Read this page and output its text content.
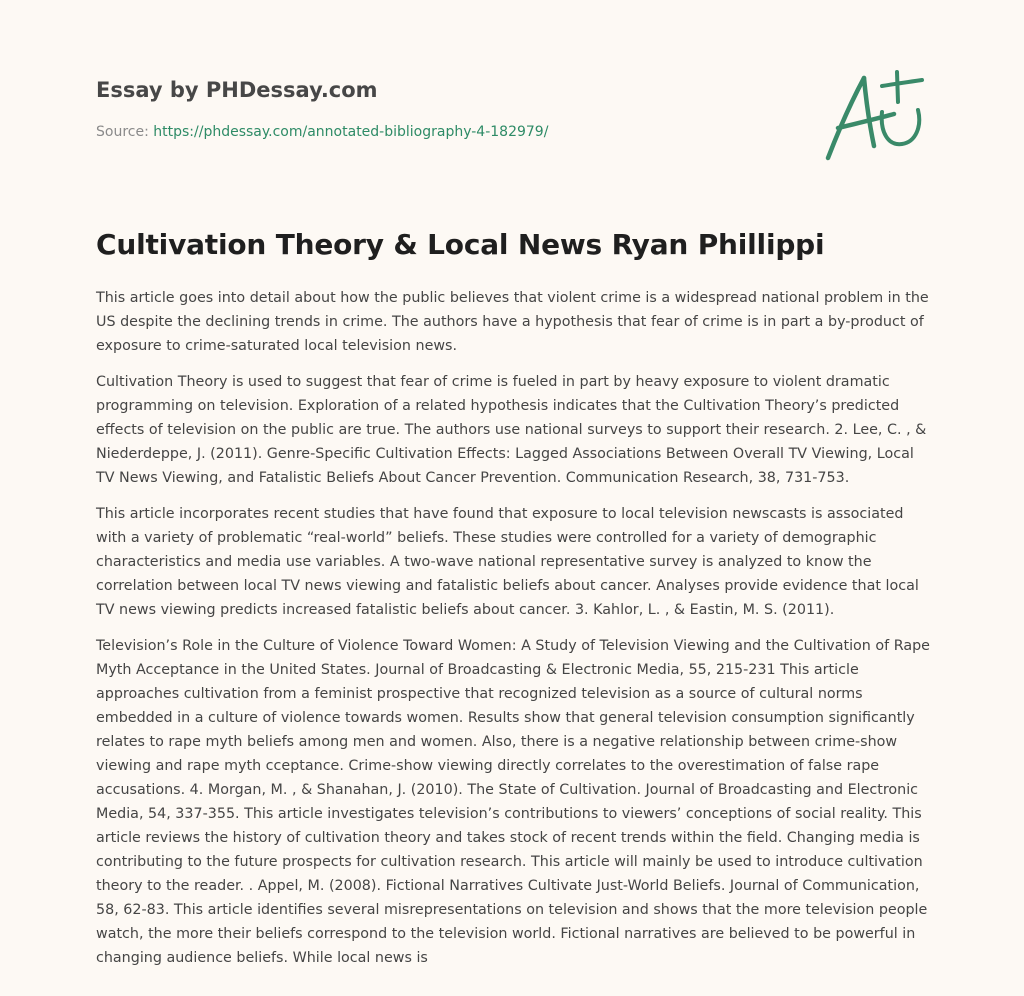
Essay by PHDessay.com
Source: https://phdessay.com/annotated-bibliography-4-182979/
Cultivation Theory & Local News Ryan Phillippi

This article goes into detail about how the public believes that violent crime is a widespread national problem in the US despite the declining trends in crime. The authors have a hypothesis that fear of crime is in part a by-product of exposure to crime-saturated local television news.

Cultivation Theory is used to suggest that fear of crime is fueled in part by heavy exposure to violent dramatic programming on television. Exploration of a related hypothesis indicates that the Cultivation Theory’s predicted effects of television on the public are true. The authors use national surveys to support their research. 2. Lee, C. , & Niederdeppe, J. (2011). Genre-Specific Cultivation Effects: Lagged Associations Between Overall TV Viewing, Local TV News Viewing, and Fatalistic Beliefs About Cancer Prevention. Communication Research, 38, 731-753.

This article incorporates recent studies that have found that exposure to local television newscasts is associated with a variety of problematic “real-world” beliefs. These studies were controlled for a variety of demographic characteristics and media use variables. A two-wave national representative survey is analyzed to know the correlation between local TV news viewing and fatalistic beliefs about cancer. Analyses provide evidence that local TV news viewing predicts increased fatalistic beliefs about cancer. 3. Kahlor, L. , & Eastin, M. S. (2011).

Television’s Role in the Culture of Violence Toward Women: A Study of Television Viewing and the Cultivation of Rape Myth Acceptance in the United States. Journal of Broadcasting & Electronic Media, 55, 215-231 This article approaches cultivation from a feminist prospective that recognized television as a source of cultural norms embedded in a culture of violence towards women. Results show that general television consumption significantly relates to rape myth beliefs among men and women. Also, there is a negative relationship between crime-show viewing and rape myth cceptance. Crime-show viewing directly correlates to the overestimation of false rape accusations. 4. Morgan, M. , & Shanahan, J. (2010). The State of Cultivation. Journal of Broadcasting and Electronic Media, 54, 337-355. This article investigates television’s contributions to viewers’ conceptions of social reality. This article reviews the history of cultivation theory and takes stock of recent trends within the field. Changing media is contributing to the future prospects for cultivation research. This article will mainly be used to introduce cultivation theory to the reader. . Appel, M. (2008). Fictional Narratives Cultivate Just-World Beliefs. Journal of Communication, 58, 62-83. This article identifies several misrepresentations on television and shows that the more television people watch, the more their beliefs correspond to the television world. Fictional narratives are believed to be powerful in changing audience beliefs. While local news is
